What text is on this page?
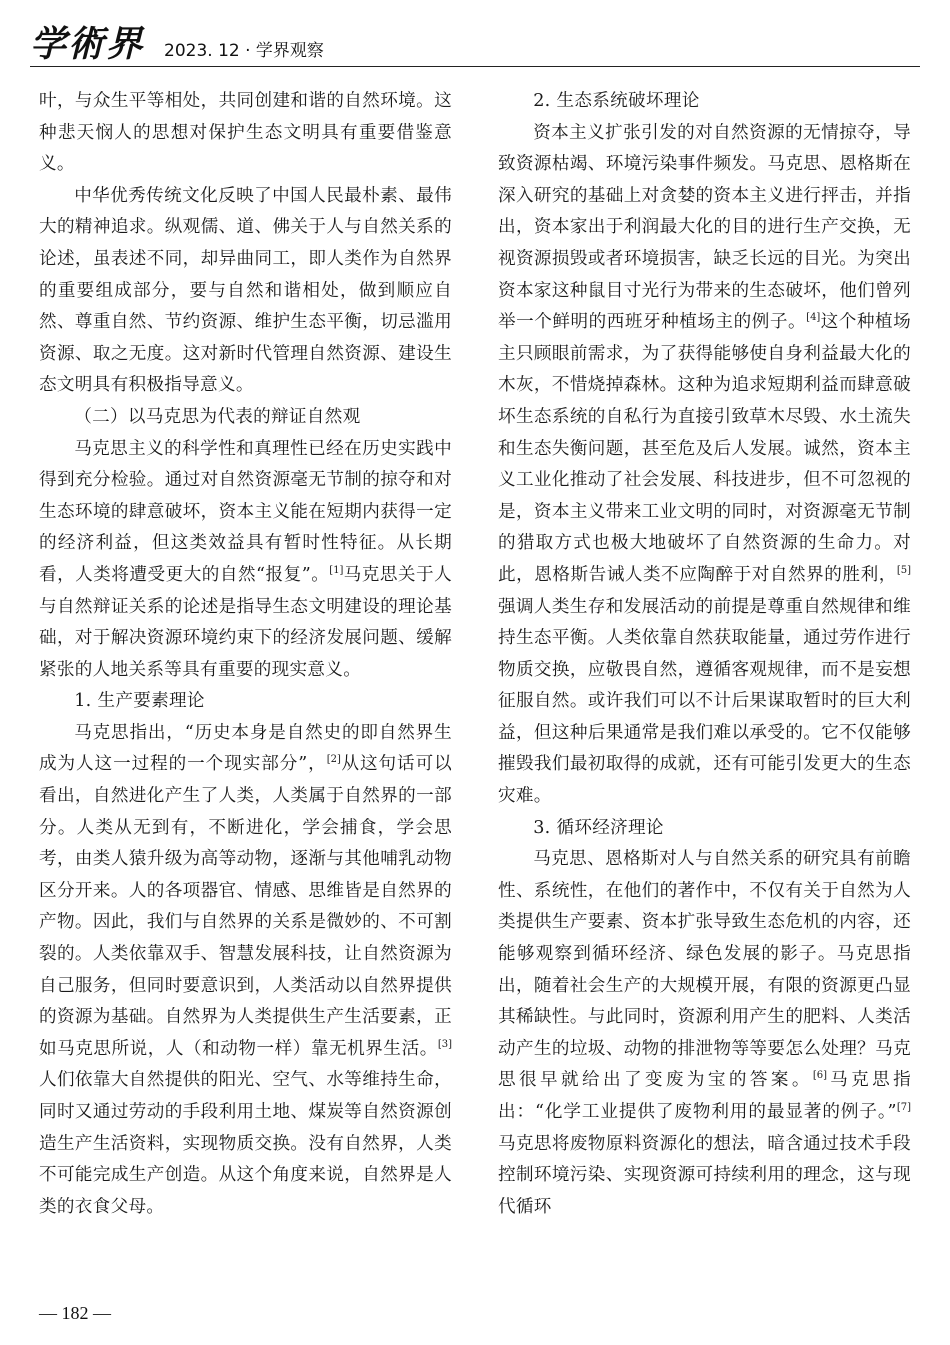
学術界 2023. 12 · 学界观察

叶，与众生平等相处，共同创建和谐的自然环境。这种悲天悯人的思想对保护生态文明具有重要借鉴意义。

中华优秀传统文化反映了中国人民最朴素、最伟大的精神追求。纵观儒、道、佛关于人与自然关系的论述，虽表述不同，却异曲同工，即人类作为自然界的重要组成部分，要与自然和谐相处，做到顺应自然、尊重自然、节约资源、维护生态平衡，切忌滥用资源、取之无度。这对新时代管理自然资源、建设生态文明具有积极指导意义。

（二）以马克思为代表的辩证自然观

马克思主义的科学性和真理性已经在历史实践中得到充分检验。通过对自然资源毫无节制的掠夺和对生态环境的肆意破坏，资本主义能在短期内获得一定的经济利益，但这类效益具有暂时性特征。从长期看，人类将遭受更大的自然“报复”。[1]马克思关于人与自然辩证关系的论述是指导生态文明建设的理论基础，对于解决资源环境约束下的经济发展问题、缓解紧张的人地关系等具有重要的现实意义。

1. 生产要素理论

马克思指出，“历史本身是自然史的即自然界生成为人这一过程的一个现实部分”，[2]从这句话可以看出，自然进化产生了人类，人类属于自然界的一部分。人类从无到有，不断进化，学会捕食，学会思考，由类人猿升级为高等动物，逐渐与其他哺乳动物区分开来。人的各项器官、情感、思维皆是自然界的产物。因此，我们与自然界的关系是微妙的、不可割裂的。人类依靠双手、智慧发展科技，让自然资源为自己服务，但同时要意识到，人类活动以自然界提供的资源为基础。自然界为人类提供生产生活要素，正如马克思所说，人（和动物一样）靠无机界生活。[3]人们依靠大自然提供的阳光、空气、水等维持生命，同时又通过劳动的手段利用土地、煤炭等自然资源创造生产生活资料，实现物质交换。没有自然界，人类不可能完成生产创造。从这个角度来说，自然界是人类的衣食父母。

2. 生态系统破坏理论

资本主义扩张引发的对自然资源的无情掠夺，导致资源枯竭、环境污染事件频发。马克思、恩格斯在深入研究的基础上对贪婪的资本主义进行抨击，并指出，资本家出于利润最大化的目的进行生产交换，无视资源损毁或者环境损害，缺乏长远的目光。为突出资本家这种鼠目寸光行为带来的生态破坏，他们曾列举一个鲜明的西班牙种植场主的例子。[4]这个种植场主只顾眼前需求，为了获得能够使自身利益最大化的木灰，不惜烧掉森林。这种为追求短期利益而肆意破坏生态系统的自私行为直接引致草木尽毁、水土流失和生态失衡问题，甚至危及后人发展。诚然，资本主义工业化推动了社会发展、科技进步，但不可忽视的是，资本主义带来工业文明的同时，对资源毫无节制的猎取方式也极大地破坏了自然资源的生命力。对此，恩格斯告诫人类不应陶醉于对自然界的胜利，[5]强调人类生存和发展活动的前提是尊重自然规律和维持生态平衡。人类依靠自然获取能量，通过劳作进行物质交换，应敬畏自然，遵循客观规律，而不是妄想征服自然。或许我们可以不计后果谋取暂时的巨大利益，但这种后果通常是我们难以承受的。它不仅能够摧毁我们最初取得的成就，还有可能引发更大的生态灾难。

3. 循环经济理论

马克思、恩格斯对人与自然关系的研究具有前瞻性、系统性，在他们的著作中，不仅有关于自然为人类提供生产要素、资本扩张导致生态危机的内容，还能够观察到循环经济、绿色发展的影子。马克思指出，随着社会生产的大规模开展，有限的资源更凸显其稀缺性。与此同时，资源利用产生的肥料、人类活动产生的垃圾、动物的排泄物等等要怎么处理？马克思很早就给出了变废为宝的答案。[6]马克思指出：“化学工业提供了废物利用的最显著的例子。”[7]马克思将废物原料资源化的想法，暗含通过技术手段控制环境污染、实现资源可持续利用的理念，这与现代循环

— 182 —
